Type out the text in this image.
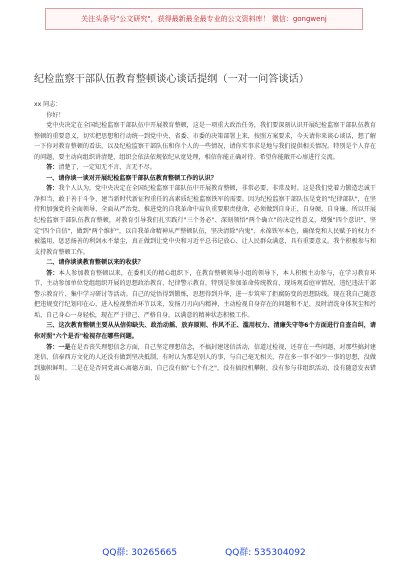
关注头条号"公文研究"，获得最新最全最专业的公文资料库！ 微信：gongwenj
纪检监察干部队伍教育整顿谈心谈话提纲（一对一问答谈话）

xx 同志：

你好！

党中央决定在全国纪检监察干部队伍中开展教育整顿，这是一项重大政治任务，我们要深刻认识开展纪检监察干部队伍教育整顿的重要意义，切实把思想和行动统一到党中央、省委、市委的决策部署上来，按照方案要求，今天请你来谈心谈话，想了解一下你对教育整顿的看法，以及纪检监察干部队伍和你个人的一些情况，请你实事求是地与我们提供相关情况。特别是个人存在的问题，要主动向组织讲清楚，组织会依法依规依纪从宽处理，相信你能正确对待。希望你能敞开心扉进行交流。

答：清楚了，一定知无不言、言无不尽。

一、请你谈一谈对开展纪检监察干部队伍教育整顿工作的认识？

答：我个人认为，党中央决定在全国纪检监察干部队伍中开展教育整顿，非常必要，非常及时。这是我们党着力锻造忠诚干净担当、敢于善于斗争，建当新时代新征程重任的高素质纪检监察铁军的需要。因为纪检监察干部队伍是党的"纪律部队"，在坚持和加强党的全面领导、全面从严治党、推进党的自我革命中肩负重要职责使命，必须做到自身正、自身硬、自身廉。所以开展纪检监察干部队伍教育整顿，对教育引导我们扎实践行"三个务必"、深刻领悟"两个确立"的决定性意义，增强"四个意识"、坚定"四个自信"，做到"两个维护"，以自我革命精神从严整顿队伍，坚决清除"内鬼"、永葆铁军本色，确保党和人民赋予的权力不被滥用、惩恶扬善的利剑永不蒙尘，真正做到让党中央和习近平总书记放心、让人民群众满意，具有重要意义。我个积极参与和支持教育整顿工作。

二、请你谈谈教育整顿以来的收获？

答：本人参加教育整顿以来，在委机关的精心组织下，在教育整顿领导小组的领导下，本人积极主动参与，在学习教育环节，主动参加单位党组组织开展的思想政治教育、纪律警示教育，特别是参加革命传统教育、现场观看庭审情况，违纪违法干部警示教育片、集中学习研讨等活动。自己的觉悟得到锻炼，思想得到升华，进一步筑牢了拒腐防变的思想防线。现在我自己随意把违规变行纪划印在心，进入检视整治环节以来，发扬刀刃向内精神，主动检视自身存在的问题和不足，及时清洗身体灰尘和污垢，自己身心一身轻松，现在严于律己、严格自身，以满意的精神状态积极工作。

三、这次教育整顿主要从从信仰缺失、政治动摇、放弃原则、作风不正、滥用权力、清廉失守等6个方面进行自查自纠，请你对照"六个是否"检视存在哪些问题。

答：一是在是否丧失理想信念方面，自己坚定理想信念，不搞封建迷信活动，信道过检视，还存在一些问题，对那些搞封建迷信、信奉西方文化的人还没有做到坚决抵制，有时认为那是别人的事，与自己毫无相关，存在多一事不如少一事的思想，没做到旗帜鲜明。二是在是否同党离心离德方面，自己没有搞"七个有之"，没有搞投机攀附，没有参与非组织活动，没有随意发表错误

QQ群: 30265665	QQ群: 535304092
